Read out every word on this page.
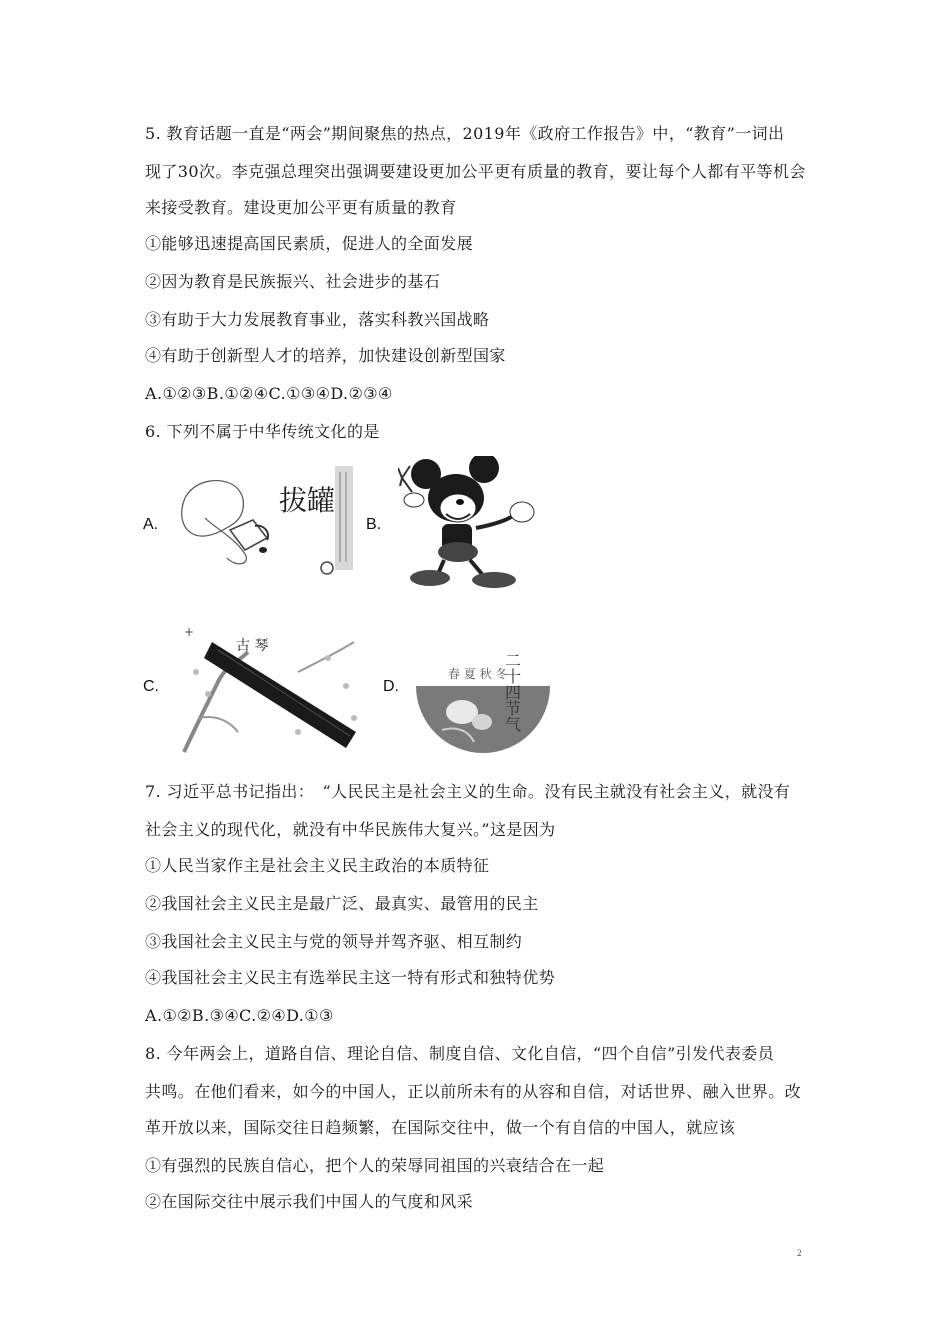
5. 教育话题一直是“两会”期间聚焦的热点，2019年《政府工作报告》中，“教育”一词出
现了30次。李克强总理突出强调要建设更加公平更有质量的教育，要让每个人都有平等机会
来接受教育。建设更加公平更有质量的教育
①能够迅速提高国民素质，促进人的全面发展
②因为教育是民族振兴、社会进步的基石
③有助于大力发展教育事业，落实科教兴国战略
④有助于创新型人才的培养，加快建设创新型国家
A.①②③B.①②④C.①③④D.②③④
6. 下列不属于中华传统文化的是
A.
拔罐
B.
C.
古 琴
+
D.	二十四节气
春 夏 秋 冬
7. 习近平总书记指出：　“人民民主是社会主义的生命。没有民主就没有社会主义，就没有
社会主义的现代化，就没有中华民族伟大复兴。”这是因为
①人民当家作主是社会主义民主政治的本质特征
②我国社会主义民主是最广泛、最真实、最管用的民主
③我国社会主义民主与党的领导并驾齐驱、相互制约
④我国社会主义民主有选举民主这一特有形式和独特优势
A.①②B.③④C.②④D.①③
8. 今年两会上，道路自信、理论自信、制度自信、文化自信，“四个自信”引发代表委员
共鸣。在他们看来，如今的中国人，正以前所未有的从容和自信，对话世界、融入世界。改
革开放以来，国际交往日趋频繁，在国际交往中，做一个有自信的中国人，就应该
①有强烈的民族自信心，把个人的荣辱同祖国的兴衰结合在一起
②在国际交往中展示我们中国人的气度和风采
2
